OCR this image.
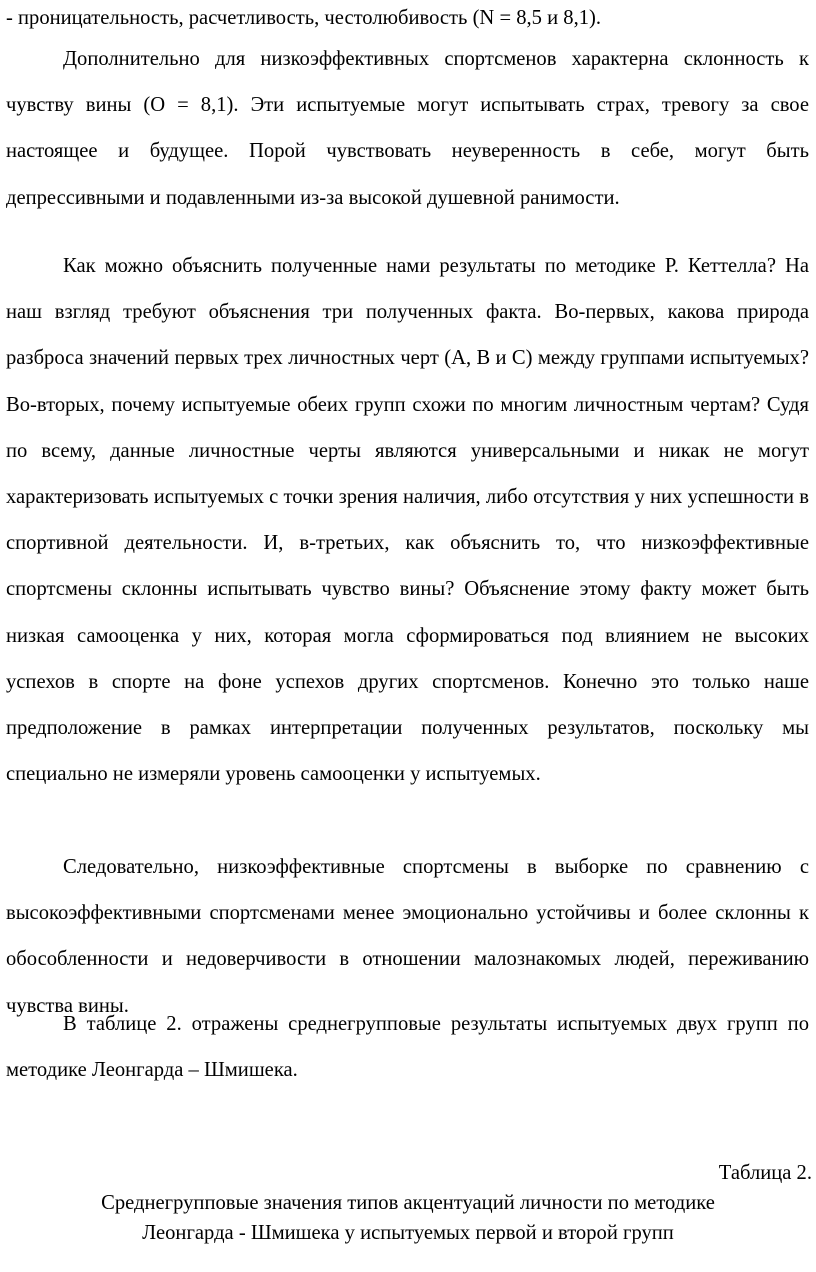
- проницательность, расчетливость, честолюбивость (N = 8,5 и 8,1).

Дополнительно для низкоэффективных спортсменов характерна склонность к чувству вины (О = 8,1). Эти испытуемые могут испытывать страх, тревогу за свое настоящее и будущее. Порой чувствовать неуверенность в себе, могут быть депрессивными и подавленными из-за высокой душевной ранимости.

Как можно объяснить полученные нами результаты по методике Р. Кеттелла? На наш взгляд требуют объяснения три полученных факта. Во-первых, какова природа разброса значений первых трех личностных черт (А, В и С) между группами испытуемых? Во-вторых, почему испытуемые обеих групп схожи по многим личностным чертам? Судя по всему, данные личностные черты являются универсальными и никак не могут характеризовать испытуемых с точки зрения наличия, либо отсутствия у них успешности в спортивной деятельности. И, в-третьих, как объяснить то, что низкоэффективные спортсмены склонны испытывать чувство вины? Объяснение этому факту может быть низкая самооценка у них, которая могла сформироваться под влиянием не высоких успехов в спорте на фоне успехов других спортсменов. Конечно это только наше предположение в рамках интерпретации полученных результатов, поскольку мы специально не измеряли уровень самооценки у испытуемых.

Следовательно, низкоэффективные спортсмены в выборке по сравнению с высокоэффективными спортсменами менее эмоционально устойчивы и более склонны к обособленности и недоверчивости в отношении малознакомых людей, переживанию чувства вины.

В таблице 2. отражены среднегрупповые результаты испытуемых двух групп по методике Леонгарда – Шмишека.

Таблица 2.

Среднегрупповые значения типов акцентуаций личности по методике
Леонгарда - Шмишека у испытуемых первой и второй групп
